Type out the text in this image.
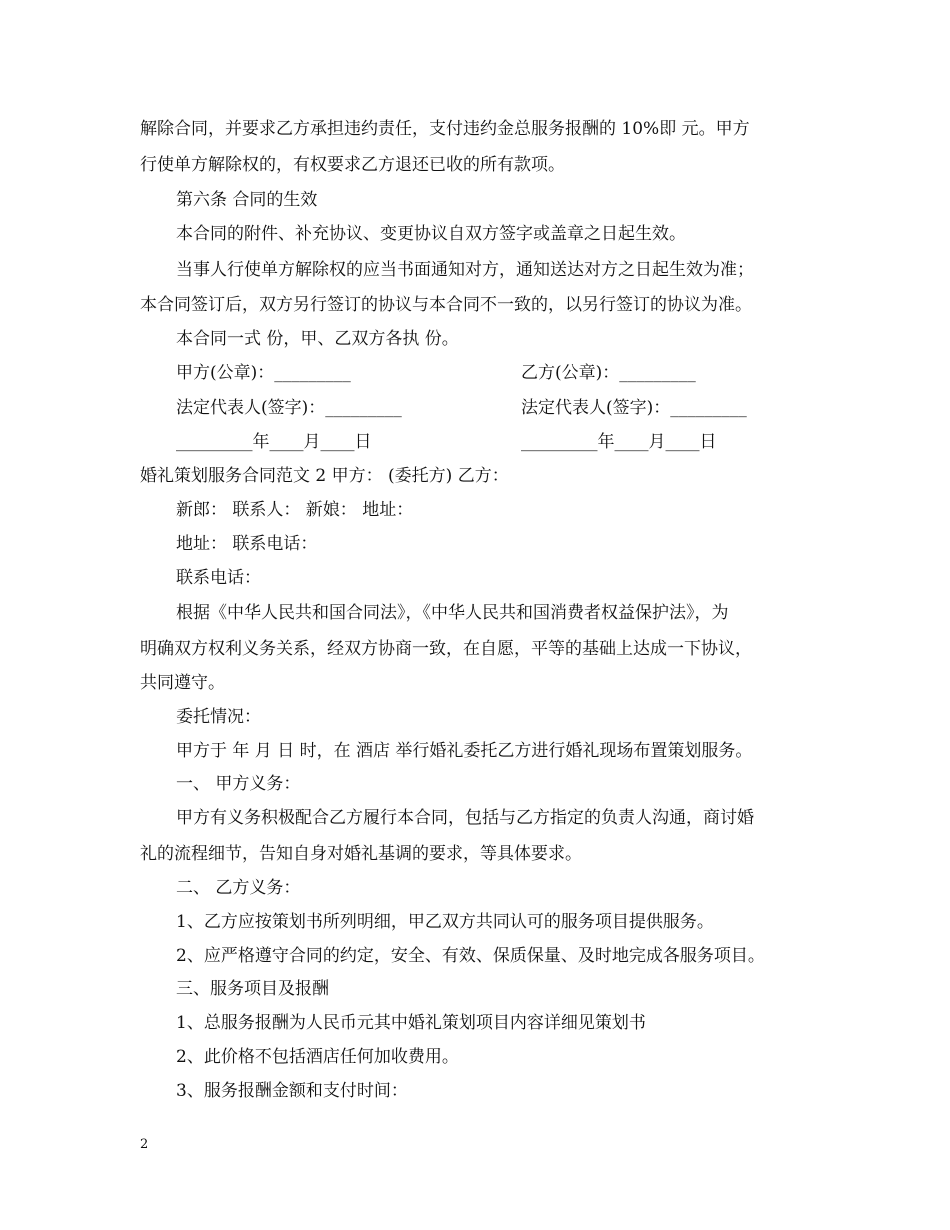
解除合同，并要求乙方承担违约责任，支付违约金总服务报酬的 10%即 元。甲方
行使单方解除权的，有权要求乙方退还已收的所有款项。
第六条 合同的生效
本合同的附件、补充协议、变更协议自双方签字或盖章之日起生效。
当事人行使单方解除权的应当书面通知对方，通知送达对方之日起生效为准；
本合同签订后，双方另行签订的协议与本合同不一致的，以另行签订的协议为准。
本合同一式 份，甲、乙双方各执 份。
甲方(公章)：_________	乙方(公章)：_________
法定代表人(签字)：_________	法定代表人(签字)：_________
_________年____月____日	_________年____月____日
婚礼策划服务合同范文 2 甲方： (委托方) 乙方：
新郎： 联系人： 新娘： 地址：
地址： 联系电话：
联系电话：
根据《中华人民共和国合同法》，《中华人民共和国消费者权益保护法》，为
明确双方权利义务关系，经双方协商一致，在自愿，平等的基础上达成一下协议，
共同遵守。
委托情况：
甲方于 年 月 日 时，在 酒店 举行婚礼委托乙方进行婚礼现场布置策划服务。
一、 甲方义务：
甲方有义务积极配合乙方履行本合同，包括与乙方指定的负责人沟通，商讨婚
礼的流程细节，告知自身对婚礼基调的要求，等具体要求。
二、 乙方义务：
1、乙方应按策划书所列明细，甲乙双方共同认可的服务项目提供服务。
2、应严格遵守合同的约定，安全、有效、保质保量、及时地完成各服务项目。
三、服务项目及报酬
1、总服务报酬为人民币元其中婚礼策划项目内容详细见策划书
2、此价格不包括酒店任何加收费用。
3、服务报酬金额和支付时间：
2
